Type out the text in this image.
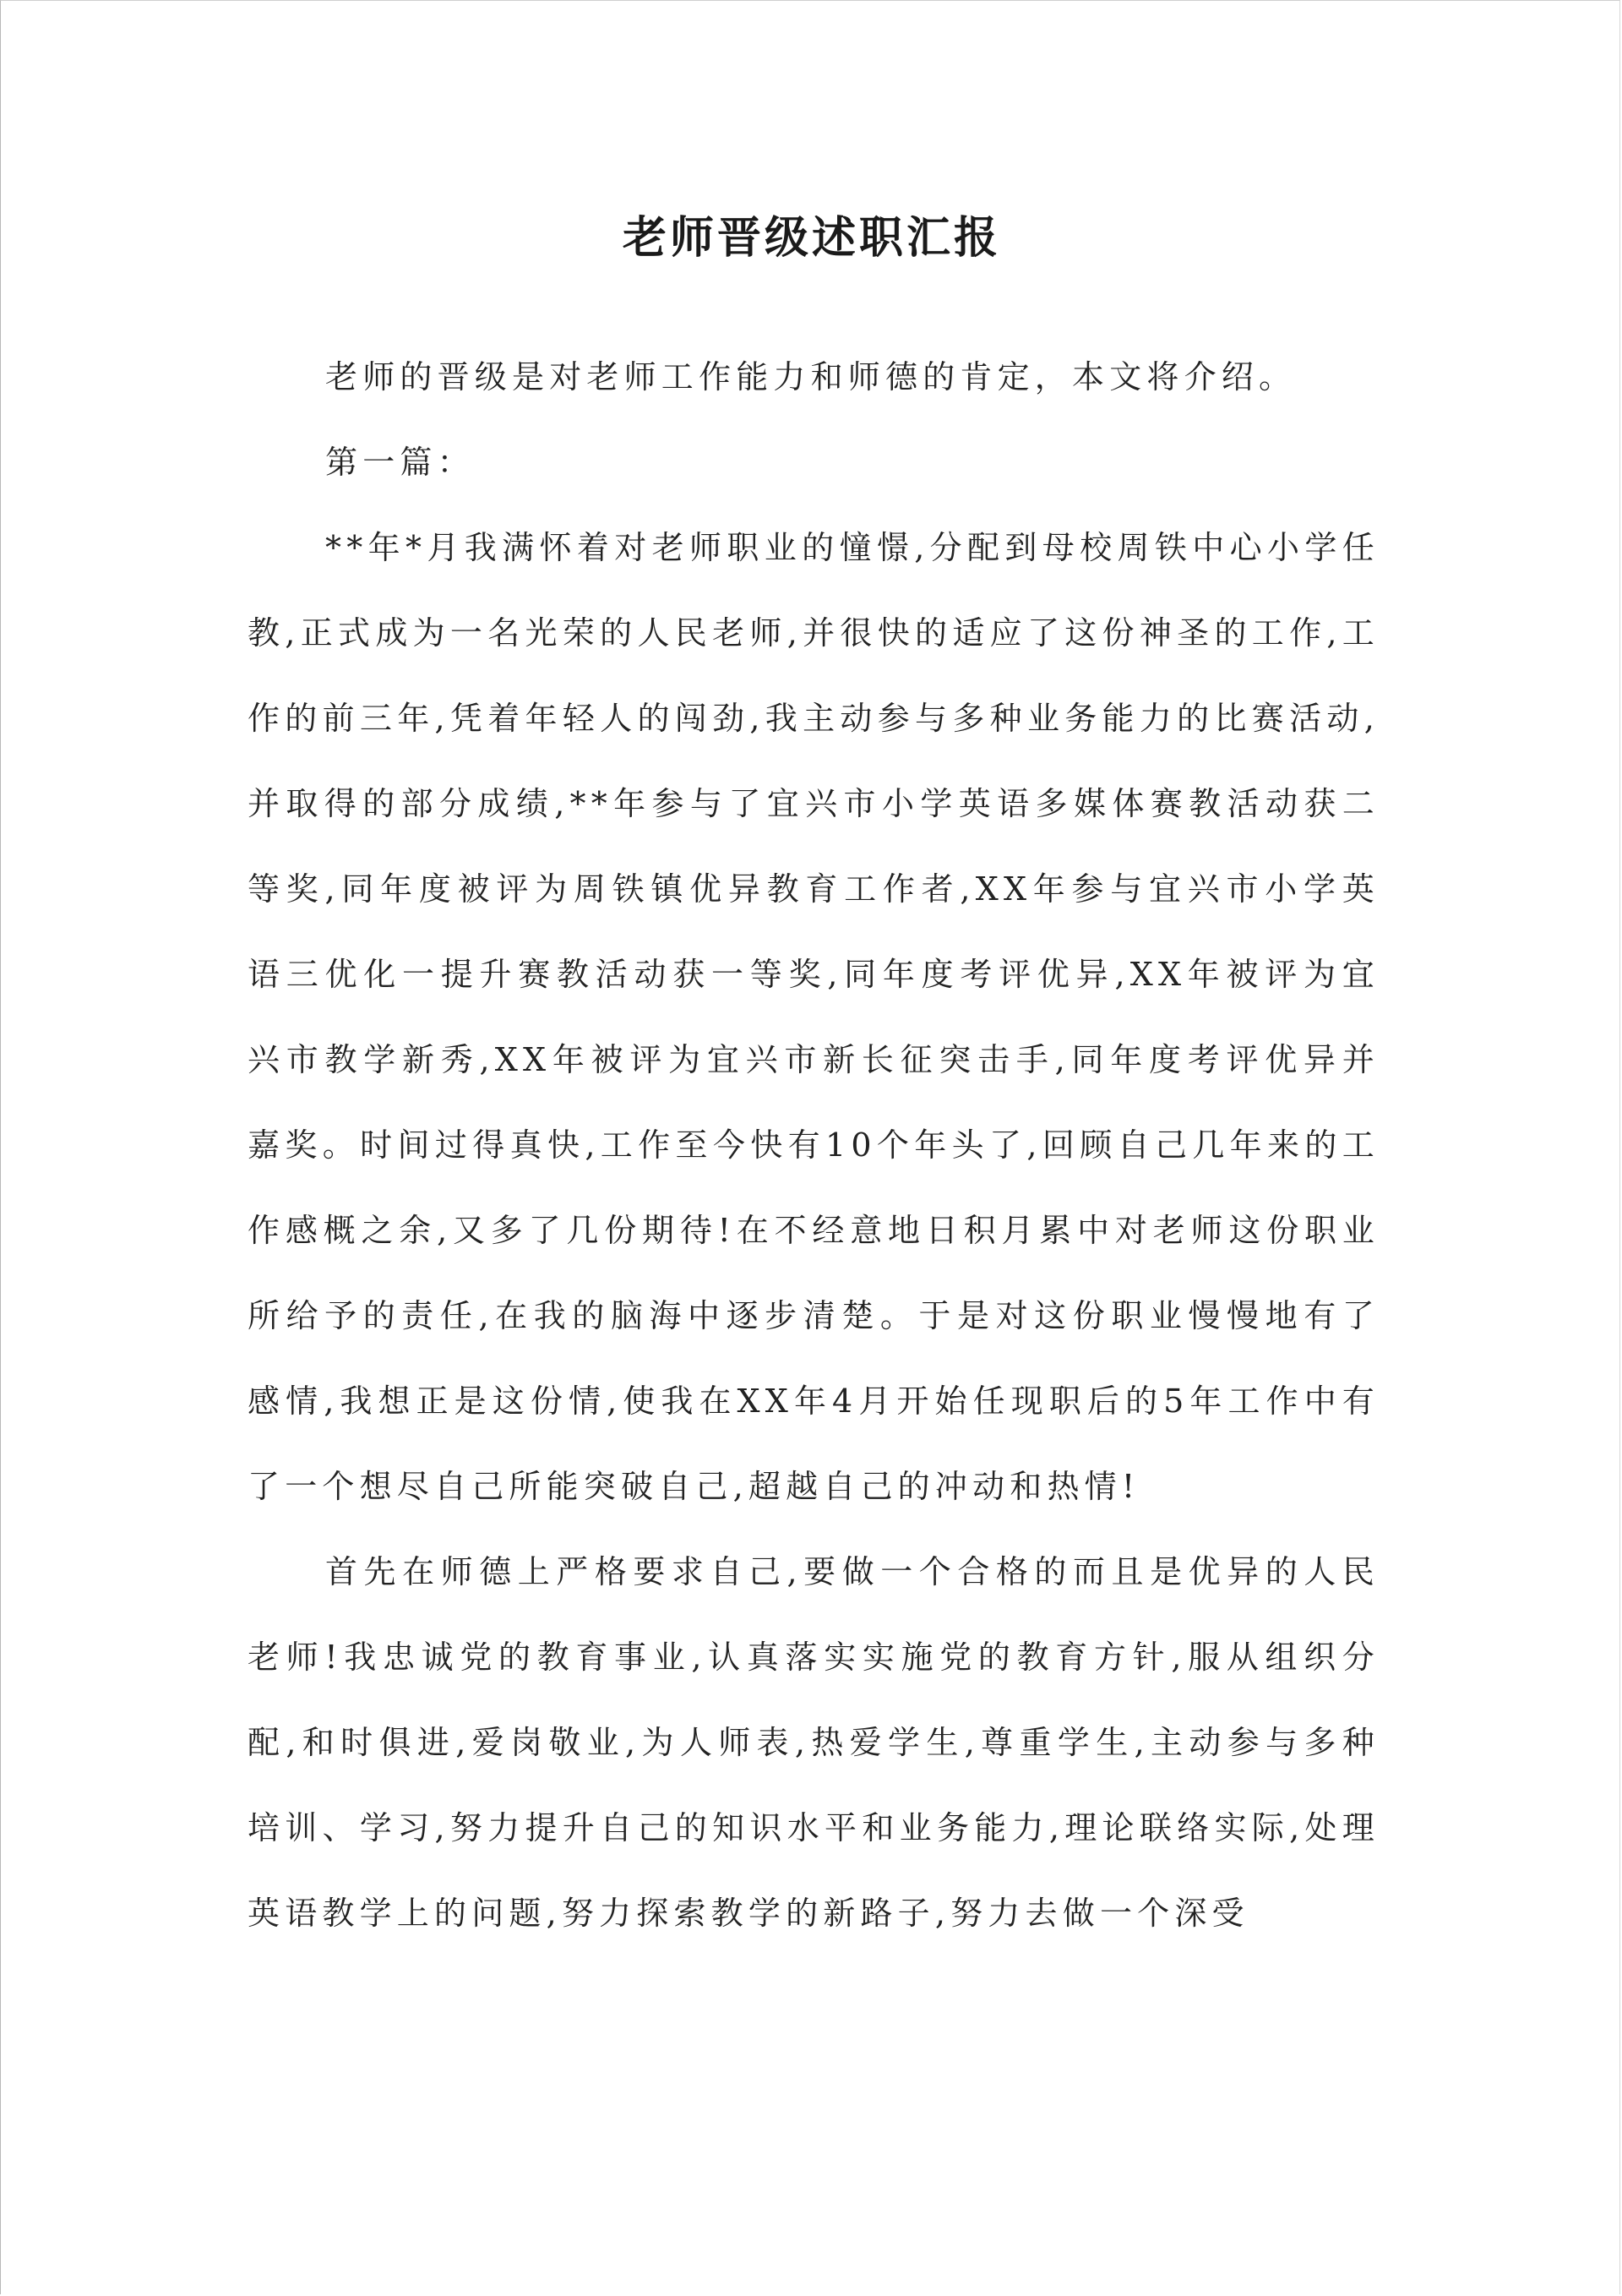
老师晋级述职汇报

老师的晋级是对老师工作能力和师德的肯定，本文将介绍。

第一篇：

**年*月我满怀着对老师职业的憧憬,分配到母校周铁中心小学任教,正式成为一名光荣的人民老师,并很快的适应了这份神圣的工作,工作的前三年,凭着年轻人的闯劲,我主动参与多种业务能力的比赛活动,并取得的部分成绩,**年参与了宜兴市小学英语多媒体赛教活动获二等奖,同年度被评为周铁镇优异教育工作者,XX年参与宜兴市小学英语三优化一提升赛教活动获一等奖,同年度考评优异,XX年被评为宜兴市教学新秀,XX年被评为宜兴市新长征突击手,同年度考评优异并嘉奖。时间过得真快,工作至今快有10个年头了,回顾自己几年来的工作感概之余,又多了几份期待!在不经意地日积月累中对老师这份职业所给予的责任,在我的脑海中逐步清楚。于是对这份职业慢慢地有了感情,我想正是这份情,使我在XX年4月开始任现职后的5年工作中有了一个想尽自己所能突破自己,超越自己的冲动和热情!

首先在师德上严格要求自己,要做一个合格的而且是优异的人民老师!我忠诚党的教育事业,认真落实实施党的教育方针,服从组织分配,和时俱进,爱岗敬业,为人师表,热爱学生,尊重学生,主动参与多种培训、学习,努力提升自己的知识水平和业务能力,理论联络实际,处理英语教学上的问题,努力探索教学的新路子,努力去做一个深受
